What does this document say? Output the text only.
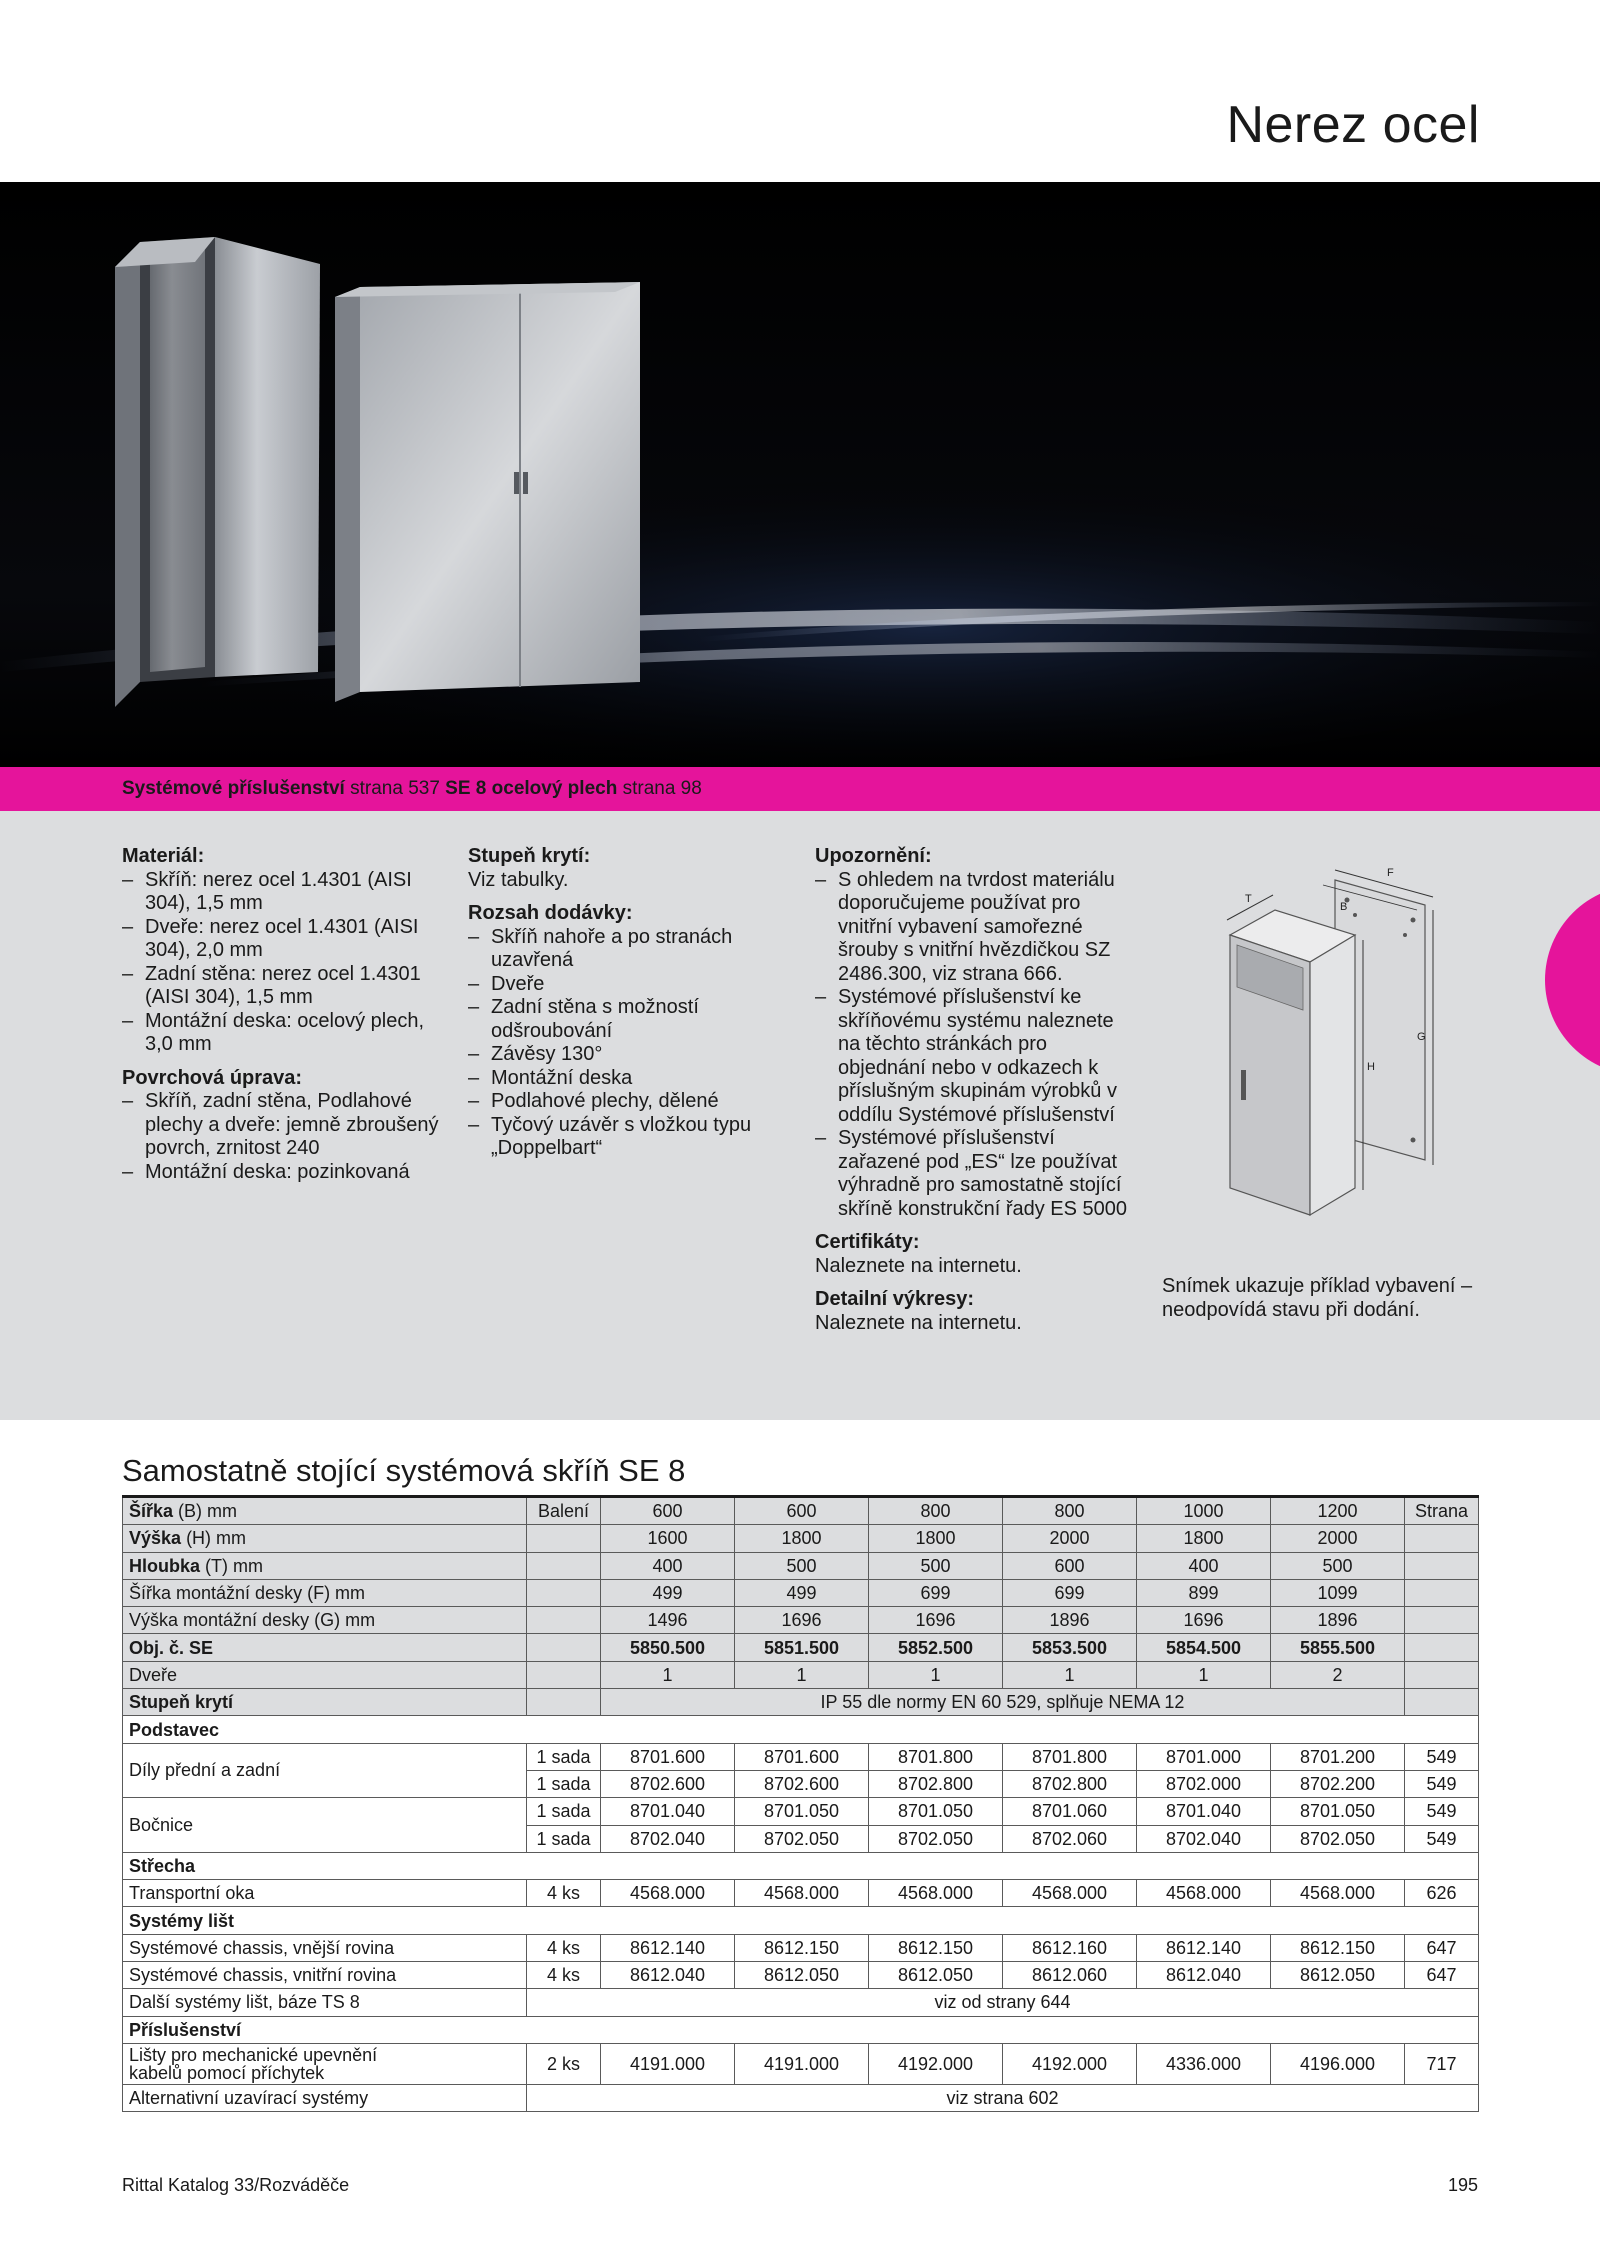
Nerez ocel
Systémové příslušenství strana 537 SE 8 ocelový plech strana 98
Materiál:
– Skříň: nerez ocel 1.4301 (AISI 304), 1,5 mm
– Dveře: nerez ocel 1.4301 (AISI 304), 2,0 mm
– Zadní stěna: nerez ocel 1.4301 (AISI 304), 1,5 mm
– Montážní deska: ocelový plech, 3,0 mm
Povrchová úprava:
– Skříň, zadní stěna, Podlahové plechy a dveře: jemně zbroušený povrch, zrnitost 240
– Montážní deska: pozinkovaná
Stupeň krytí:

Viz tabulky.

Rozsah dodávky:
– Skříň nahoře a po stranách uzavřená
– Dveře
– Zadní stěna s možností odšroubování
– Závěsy 130°
– Montážní deska
– Podlahové plechy, dělené
– Tyčový uzávěr s vložkou typu „Doppelbart“
Upozornění:
– S ohledem na tvrdost materiálu doporučujeme používat pro vnitřní vybavení samořezné šrouby s vnitřní hvězdičkou SZ 2486.300, viz strana 666.
– Systémové příslušenství ke skříňovému systému naleznete na těchto stránkách pro objednání nebo v odkazech k příslušným skupinám výrobků v oddílu Systémové příslušenství
– Systémové příslušenství zařazené pod „ES“ lze používat výhradně pro samostatně stojící skříně konstrukční řady ES 5000
Certifikáty:

Naleznete na internetu.

Detailní výkresy:

Naleznete na internetu.

T
F
B
G
H
Snímek ukazuje příklad vybavení – neodpovídá stavu při dodání.
Samostatně stojící systémová skříň SE 8
Šířka (B) mm	Balení	600	600	800	800	1000	1200	Strana
Výška (H) mm		1600	1800	1800	2000	1800	2000	
Hloubka (T) mm		400	500	500	600	400	500	
Šířka montážní desky (F) mm		499	499	699	699	899	1099	
Výška montážní desky (G) mm		1496	1696	1696	1896	1696	1896	
Obj. č. SE		5850.500	5851.500	5852.500	5853.500	5854.500	5855.500	
Dveře		1	1	1	1	1	2	
Stupeň krytí		IP 55 dle normy EN 60 529, splňuje NEMA 12						
Podstavec								
Díly přední a zadní	1 sada	8701.600	8701.600	8701.800	8701.800	8701.000	8701.200	549
	1 sada	8702.600	8702.600	8702.800	8702.800	8702.000	8702.200	549
Bočnice	1 sada	8701.040	8701.050	8701.050	8701.060	8701.040	8701.050	549
	1 sada	8702.040	8702.050	8702.050	8702.060	8702.040	8702.050	549
Střecha								
Transportní oka	4 ks	4568.000	4568.000	4568.000	4568.000	4568.000	4568.000	626
Systémy lišt								
Systémové chassis, vnější rovina	4 ks	8612.140	8612.150	8612.150	8612.160	8612.140	8612.150	647
Systémové chassis, vnitřní rovina	4 ks	8612.040	8612.050	8612.050	8612.060	8612.040	8612.050	647
Další systémy lišt, báze TS 8	viz od strany 644							
Příslušenství								
Lišty pro mechanické upevnění kabelů pomocí příchytek	2 ks	4191.000	4191.000	4192.000	4192.000	4336.000	4196.000	717
Alternativní uzavírací systémy	viz strana 602							
Rittal Katalog 33/Rozváděče	195
